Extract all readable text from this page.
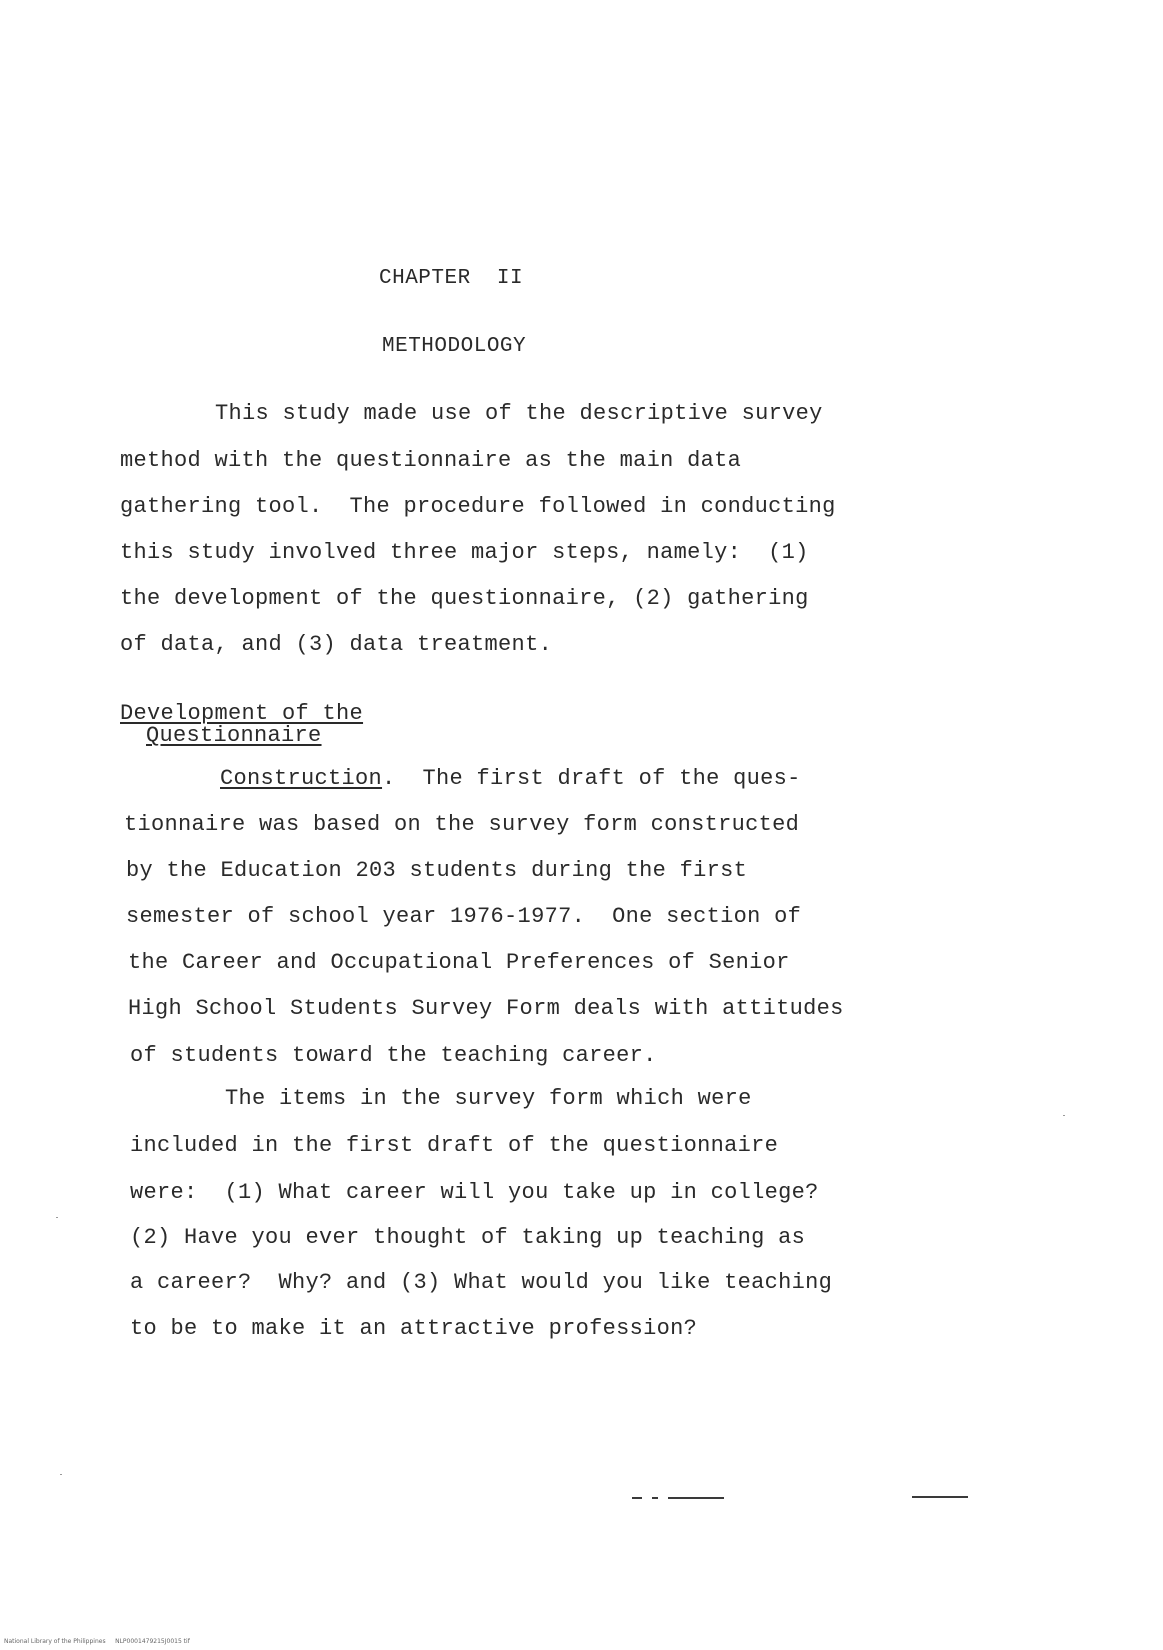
CHAPTER  II
METHODOLOGY
This study made use of the descriptive survey
method with the questionnaire as the main data
gathering tool.  The procedure followed in conducting
this study involved three major steps, namely:  (1)
the development of the questionnaire, (2) gathering
of data, and (3) data treatment.
Development of the
Questionnaire
Construction.  The first draft of the ques-
tionnaire was based on the survey form constructed
by the Education 203 students during the first
semester of school year 1976-1977.  One section of
the Career and Occupational Preferences of Senior
High School Students Survey Form deals with attitudes
of students toward the teaching career.
The items in the survey form which were
included in the first draft of the questionnaire
were:  (1) What career will you take up in college?
(2) Have you ever thought of taking up teaching as
a career?  Why? and (3) What would you like teaching
to be to make it an attractive profession?
National Library of the Philippines     NLP0001479215J0015 tif
